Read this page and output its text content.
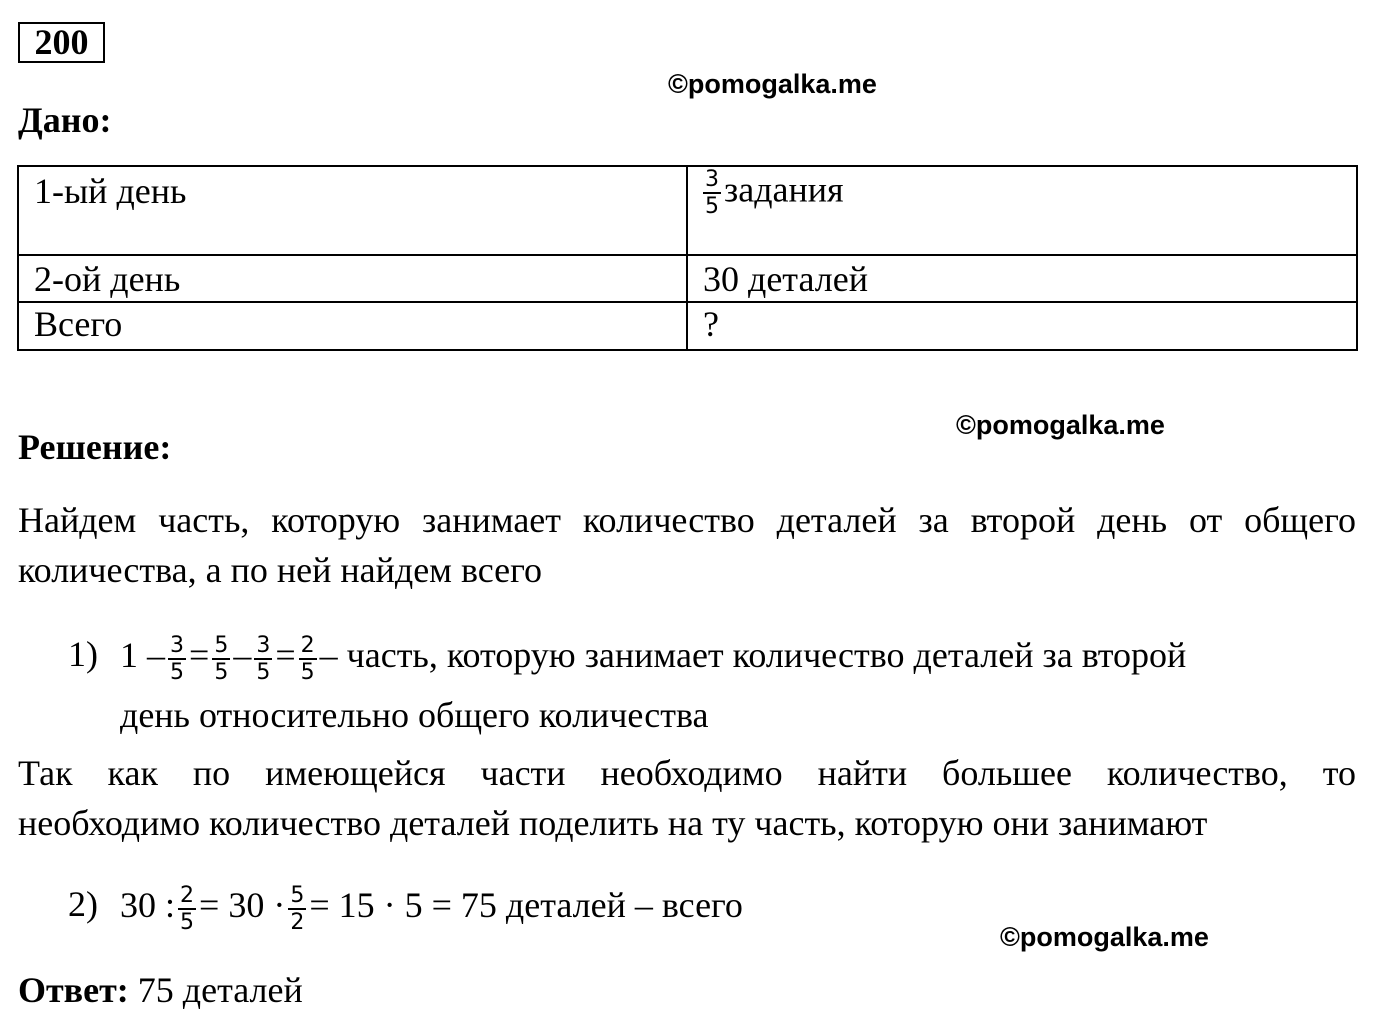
200
©pomogalka.me
Дано:
1-ый день	$\frac{3}{5}$ задания
2-ой день	30 деталей
Всего	?
©pomogalka.me
Решение:
Найдем часть, которую занимает количество деталей за второй день от общего
количества, а по ней найдем всего
1) $1 - \frac{3}{5} = \frac{5}{5} - \frac{3}{5} = \frac{2}{5}$ – часть, которую занимает количество деталей за второй
день относительно общего количества
Так как по имеющейся части необходимо найти большее количество, то
необходимо количество деталей поделить на ту часть, которую они занимают
2) 30 : $\frac{2}{5} = 30 \cdot \frac{5}{2} = 15 \cdot 5 = 75$ деталей – всего
©pomogalka.me
Ответ: 75 деталей
